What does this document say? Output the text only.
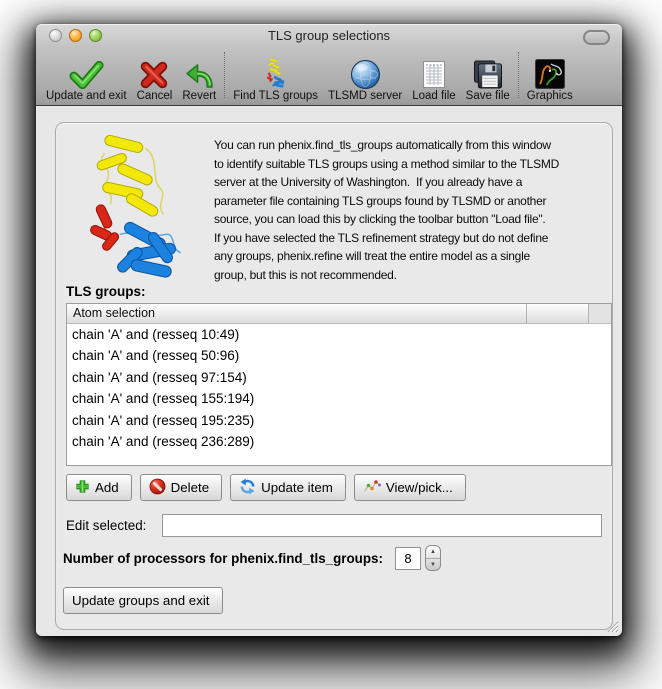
TLS group selections
Update and exit Cancel Revert Find TLS groups TLSMD server Load file Save file Graphics
You can run phenix.find_tls_groups automatically from this window
to identify suitable TLS groups using a method similar to the TLSMD
server at the University of Washington.  If you already have a
parameter file containing TLS groups found by TLSMD or another
source, you can load this by clicking the toolbar button "Load file".
If you have selected the TLS refinement strategy but do not define
any groups, phenix.refine will treat the entire model as a single
group, but this is not recommended.
TLS groups:
Atom selection
chain 'A' and (resseq 10:49)
chain 'A' and (resseq 50:96)
chain 'A' and (resseq 97:154)
chain 'A' and (resseq 155:194)
chain 'A' and (resseq 195:235)
chain 'A' and (resseq 236:289)
Add	Delete	Update item	View/pick...
Edit selected:
Number of processors for phenix.find_tls_groups:
8	▲
▼
Update groups and exit
